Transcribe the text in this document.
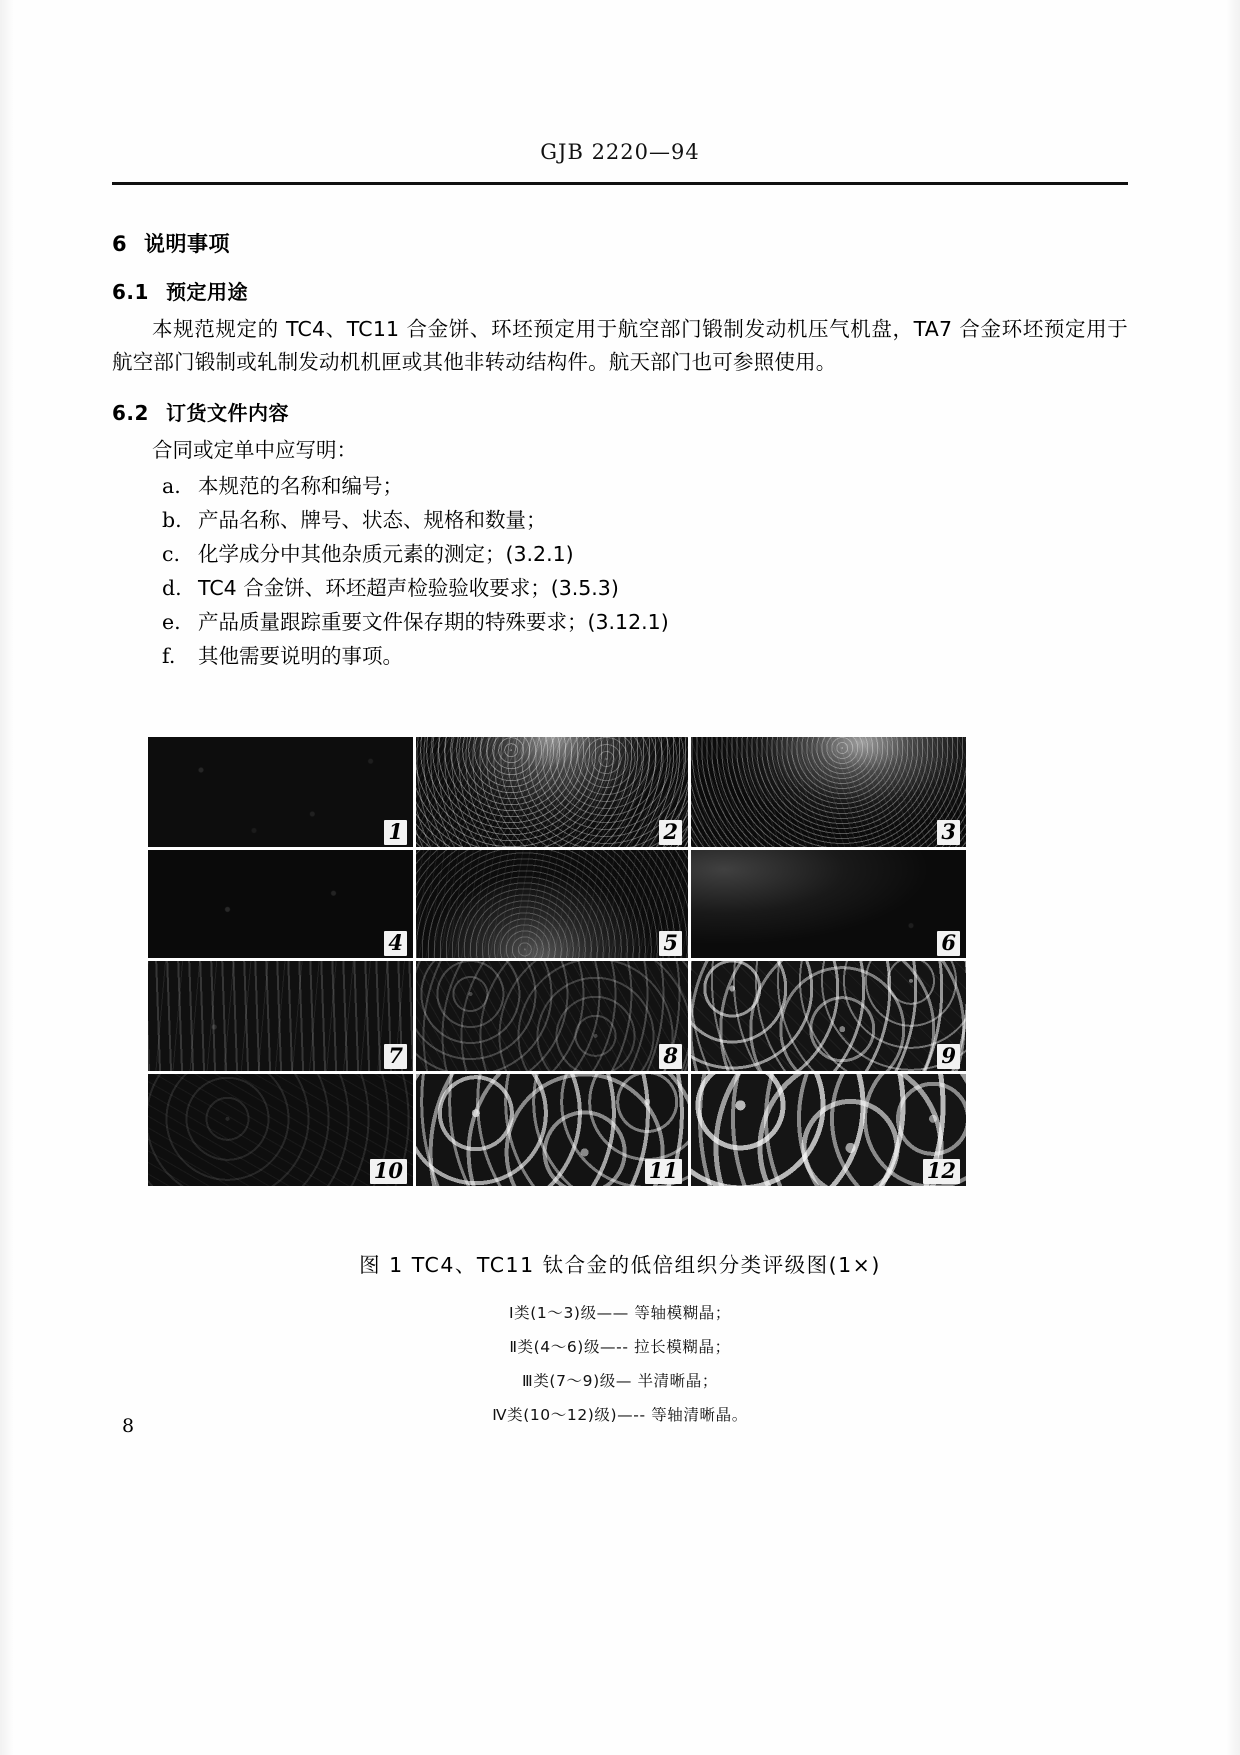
GJB 2220—94
6 说明事项
6.1 预定用途

本规范规定的 TC4、TC11 合金饼、环坯预定用于航空部门锻制发动机压气机盘，TA7 合金环坯预定用于航空部门锻制或轧制发动机机匣或其他非转动结构件。航天部门也可参照使用。

6.2 订货文件内容

合同或定单中应写明：

a. 本规范的名称和编号；
b. 产品名称、牌号、状态、规格和数量；
c. 化学成分中其他杂质元素的测定；(3.2.1)
d. TC4 合金饼、环坯超声检验验收要求；(3.5.3)
e. 产品质量跟踪重要文件保存期的特殊要求；(3.12.1)
f. 其他需要说明的事项。
1	2	3
4	5	6
7	8	9
10	11	12
图 1 TC4、TC11 钛合金的低倍组织分类评级图(1×)
Ⅰ类(1～3)级—— 等轴模糊晶；
Ⅱ类(4～6)级—-- 拉长模糊晶；
Ⅲ类(7～9)级— 半清晰晶；
Ⅳ类(10～12)级)—-- 等轴清晰晶。
8
